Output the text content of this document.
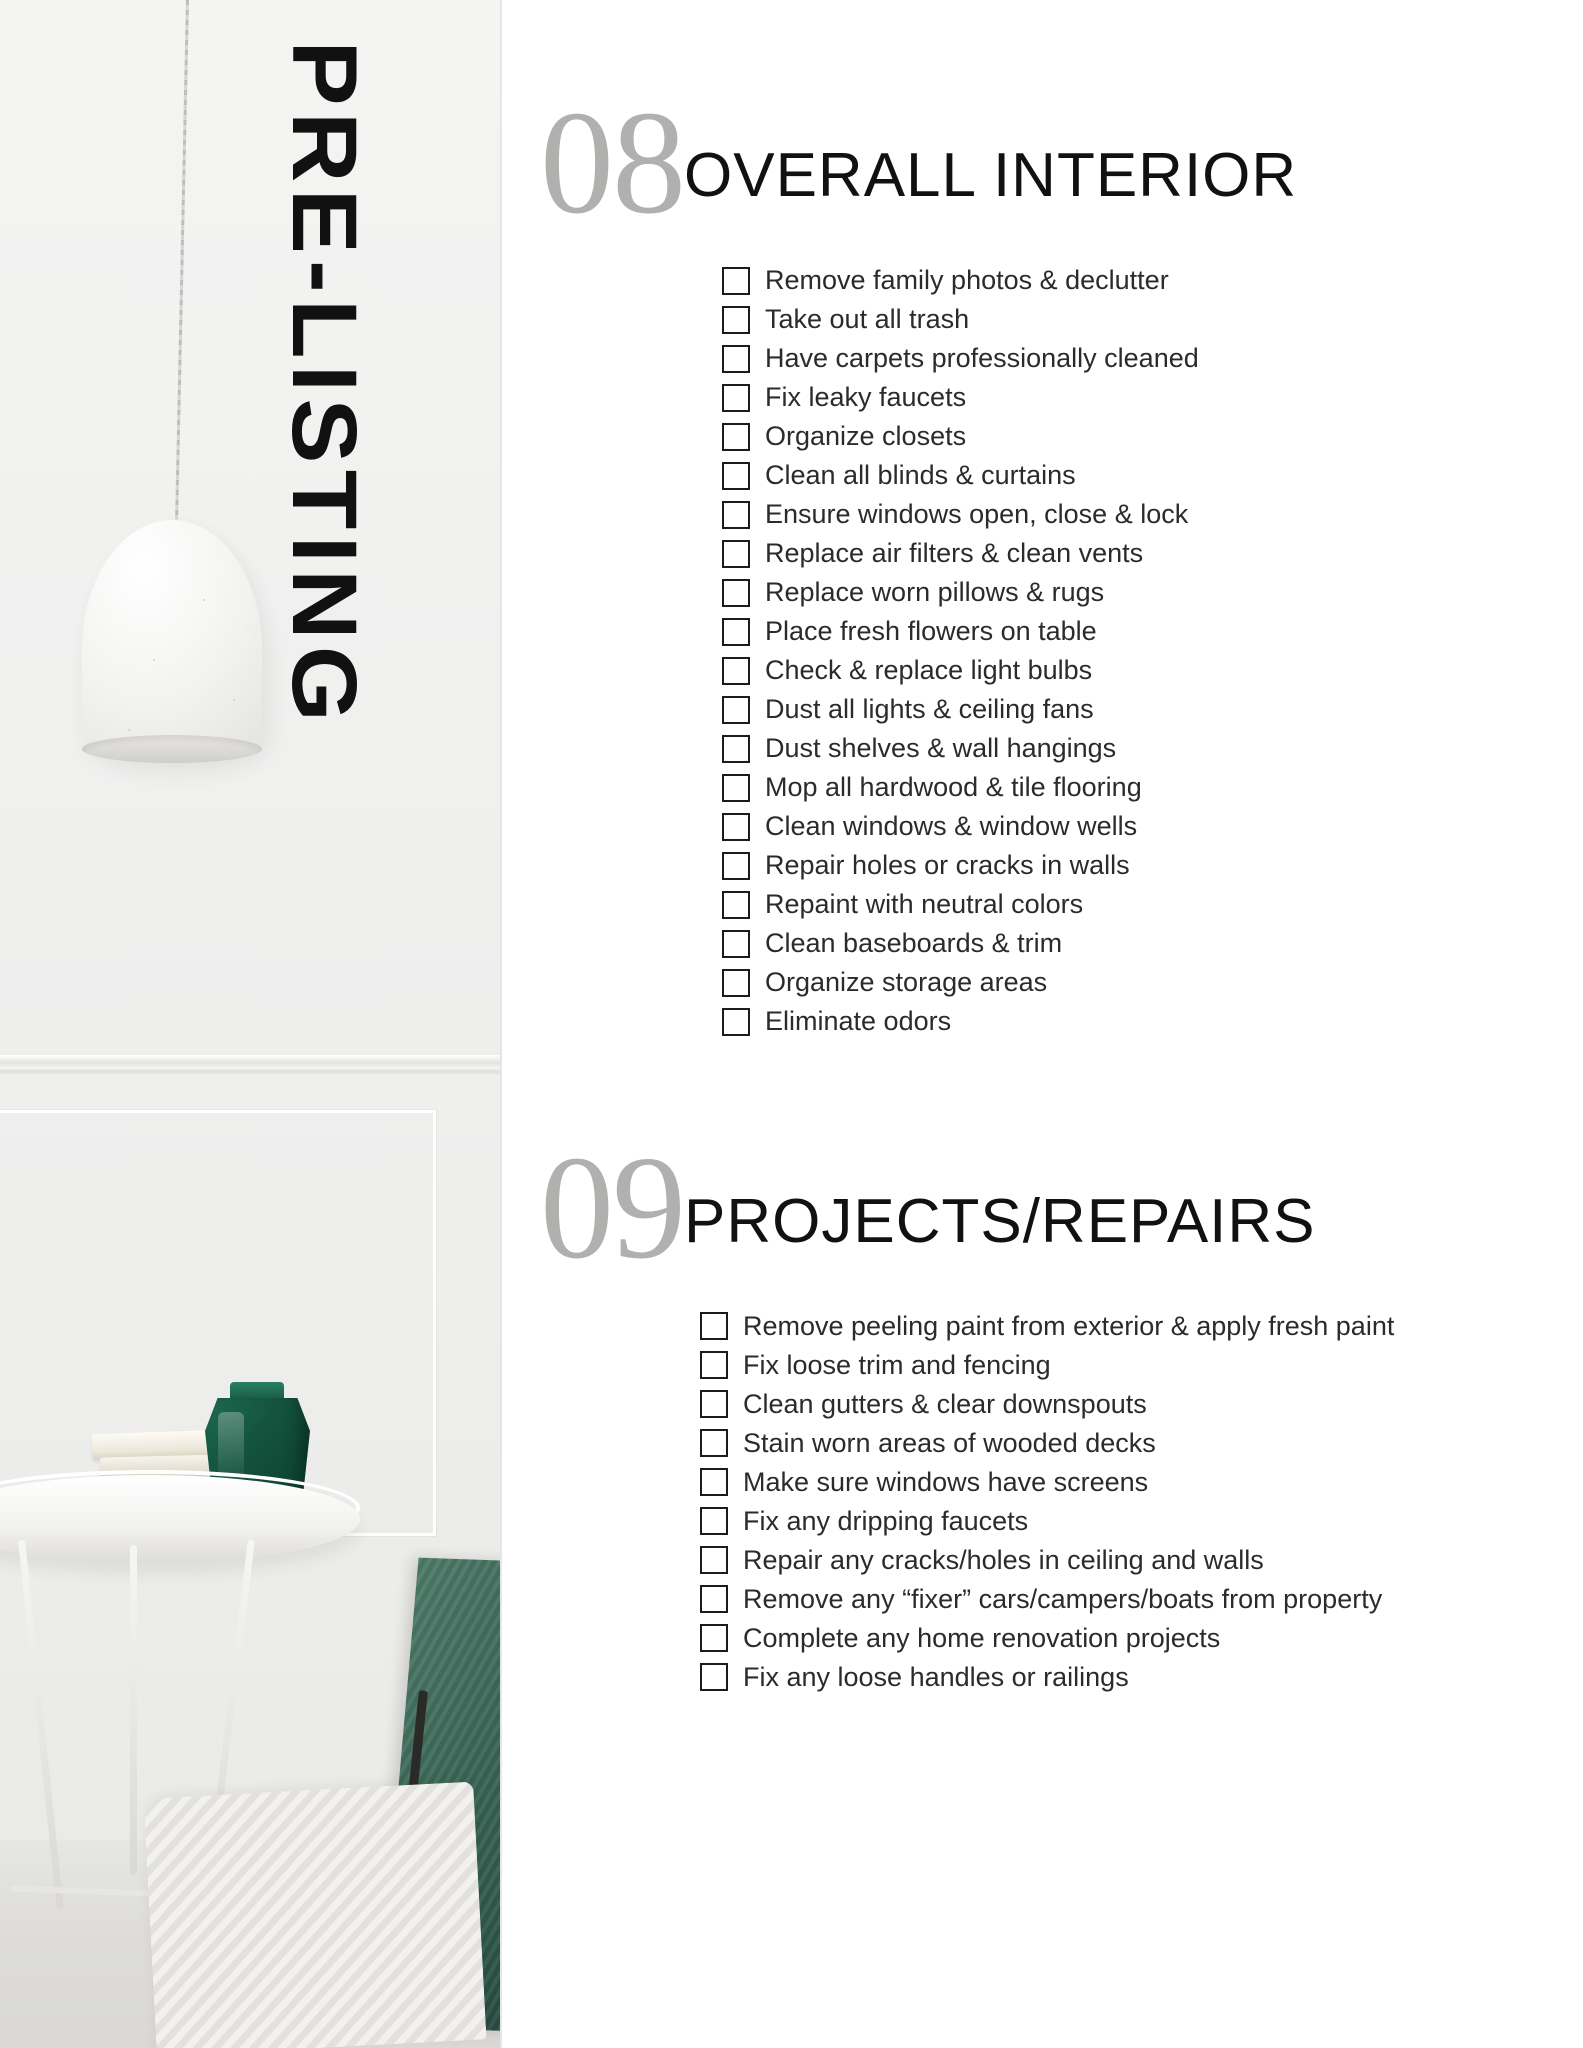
PRE-LISTING 08 OVERALL INTERIOR
Remove family photos & declutter
Take out all trash
Have carpets professionally cleaned
Fix leaky faucets
Organize closets
Clean all blinds & curtains
Ensure windows open, close & lock
Replace air filters & clean vents
Replace worn pillows & rugs
Place fresh flowers on table
Check & replace light bulbs
Dust all lights & ceiling fans
Dust shelves & wall hangings
Mop all hardwood & tile flooring
Clean windows & window wells
Repair holes or cracks in walls
Repaint with neutral colors
Clean baseboards & trim
Organize storage areas
Eliminate odors
09 PROJECTS/REPAIRS
Remove peeling paint from exterior & apply fresh paint
Fix loose trim and fencing
Clean gutters & clear downspouts
Stain worn areas of wooded decks
Make sure windows have screens
Fix any dripping faucets
Repair any cracks/holes in ceiling and walls
Remove any “fixer” cars/campers/boats from property
Complete any home renovation projects
Fix any loose handles or railings
